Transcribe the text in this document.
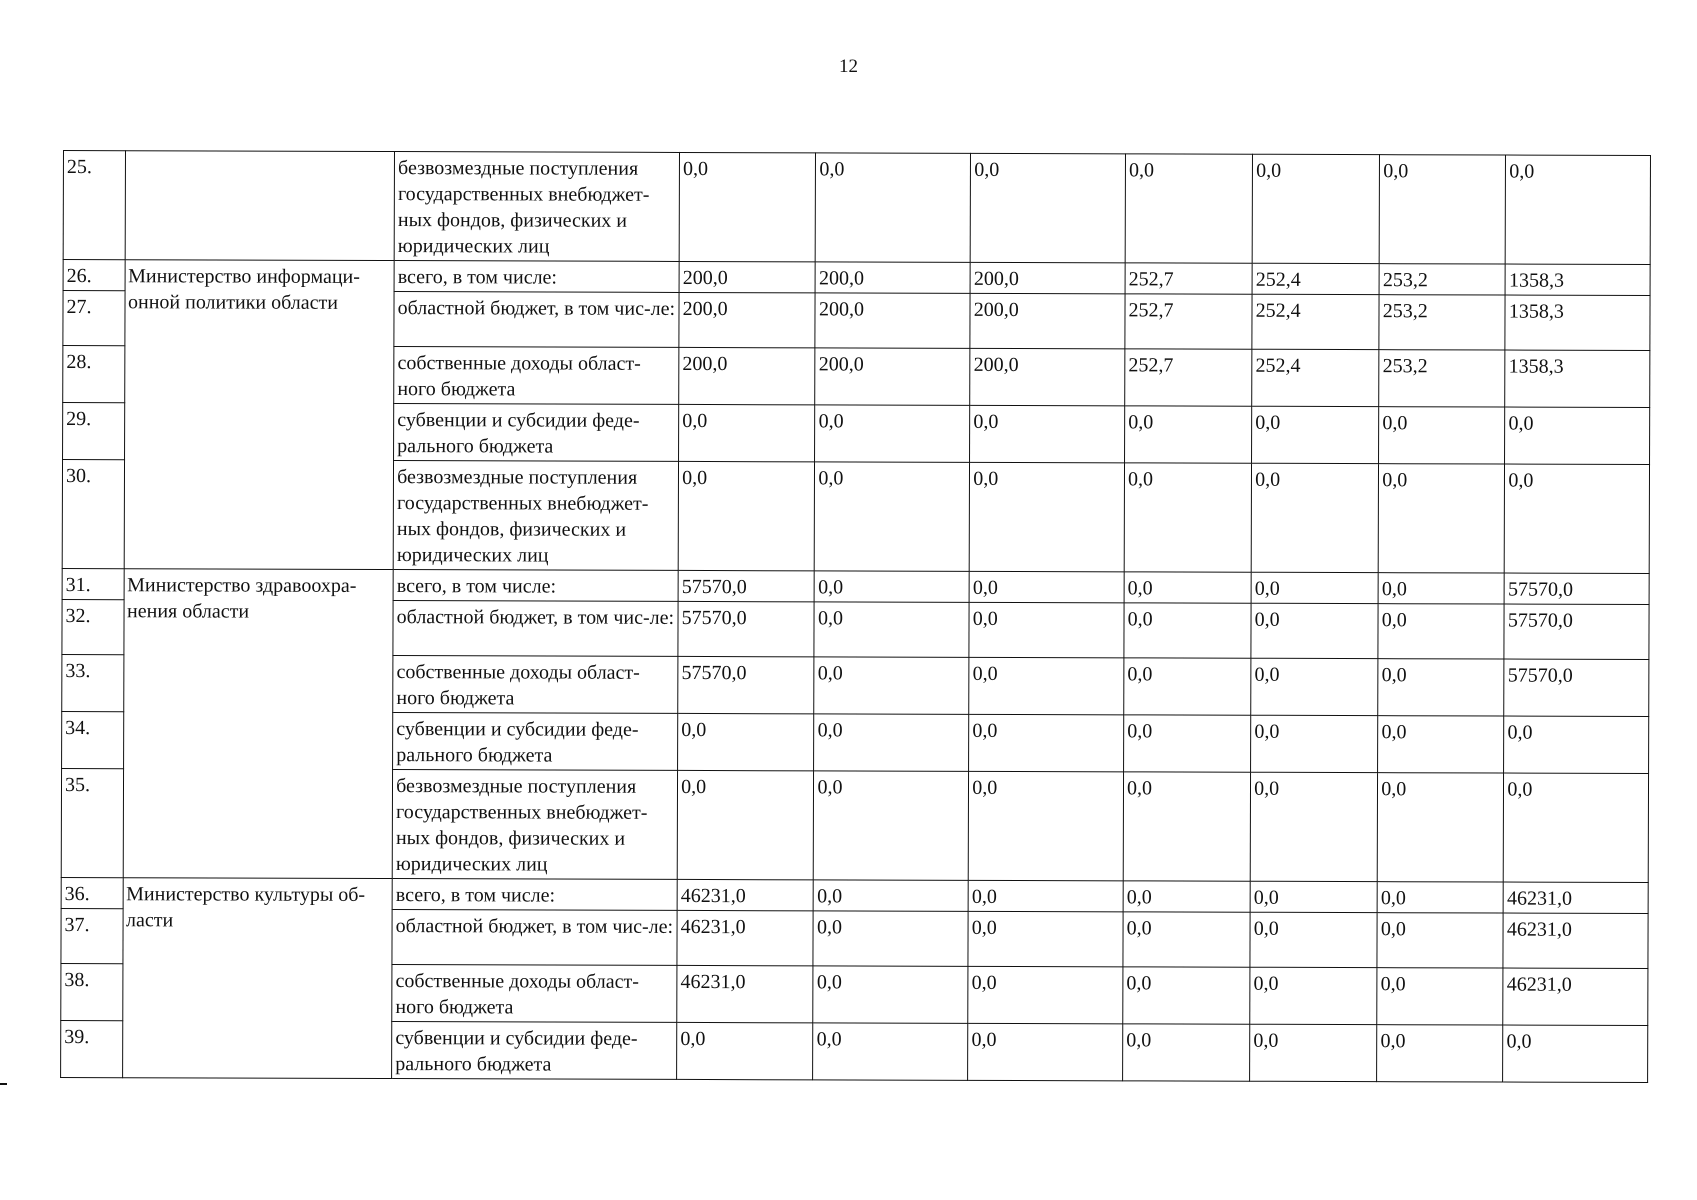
12
25.		безвозмездные поступления государственных внебюджет-ных фондов, физических и юридических лиц	0,0	0,0	0,0	0,0	0,0	0,0	0,0
26.	Министерство информаци-онной политики области	всего, в том числе:	200,0	200,0	200,0	252,7	252,4	253,2	1358,3
27.		областной бюджет, в том чис-ле:	200,0	200,0	200,0	252,7	252,4	253,2	1358,3
28.		собственные доходы област-ного бюджета	200,0	200,0	200,0	252,7	252,4	253,2	1358,3
29.		субвенции и субсидии феде-рального бюджета	0,0	0,0	0,0	0,0	0,0	0,0	0,0
30.		безвозмездные поступления государственных внебюджет-ных фондов, физических и юридических лиц	0,0	0,0	0,0	0,0	0,0	0,0	0,0
31.	Министерство здравоохра-нения области	всего, в том числе:	57570,0	0,0	0,0	0,0	0,0	0,0	57570,0
32.		областной бюджет, в том чис-ле:	57570,0	0,0	0,0	0,0	0,0	0,0	57570,0
33.		собственные доходы област-ного бюджета	57570,0	0,0	0,0	0,0	0,0	0,0	57570,0
34.		субвенции и субсидии феде-рального бюджета	0,0	0,0	0,0	0,0	0,0	0,0	0,0
35.		безвозмездные поступления государственных внебюджет-ных фондов, физических и юридических лиц	0,0	0,0	0,0	0,0	0,0	0,0	0,0
36.	Министерство культуры об-ласти	всего, в том числе:	46231,0	0,0	0,0	0,0	0,0	0,0	46231,0
37.		областной бюджет, в том чис-ле:	46231,0	0,0	0,0	0,0	0,0	0,0	46231,0
38.		собственные доходы област-ного бюджета	46231,0	0,0	0,0	0,0	0,0	0,0	46231,0
39.		субвенции и субсидии феде-рального бюджета	0,0	0,0	0,0	0,0	0,0	0,0	0,0
